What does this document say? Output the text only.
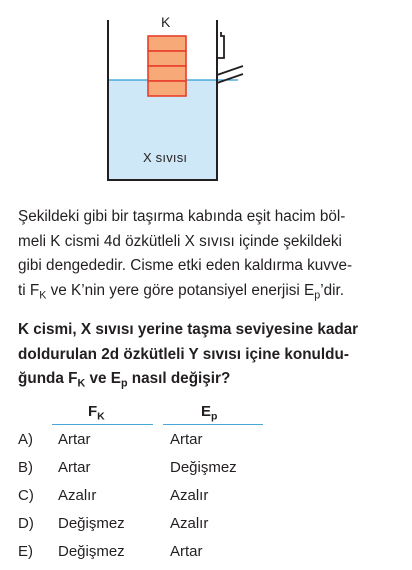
K
X sıvısı

Şekildeki gibi bir taşırma kabında eşit hacim böl-
meli K cismi 4d özkütleli X sıvısı içinde şekildeki
gibi dengededir. Cisme etki eden kaldırma kuvve-
ti $F_K$ ve K’nin yere göre potansiyel enerjisi $E_p’dir$.

K cismi, X sıvısı yerine taşma seviyesine kadar
doldurulan 2d özkütleli Y sıvısı içine konuldu-
ğunda $F_K$ ve $E_p$ nasıl değişir?

$F_K$	$E_p$
A) Artar	Artar
B) Artar	Değişmez
C) Azalır	Azalır
D) Değişmez	Azalır
E) Değişmez	Artar
